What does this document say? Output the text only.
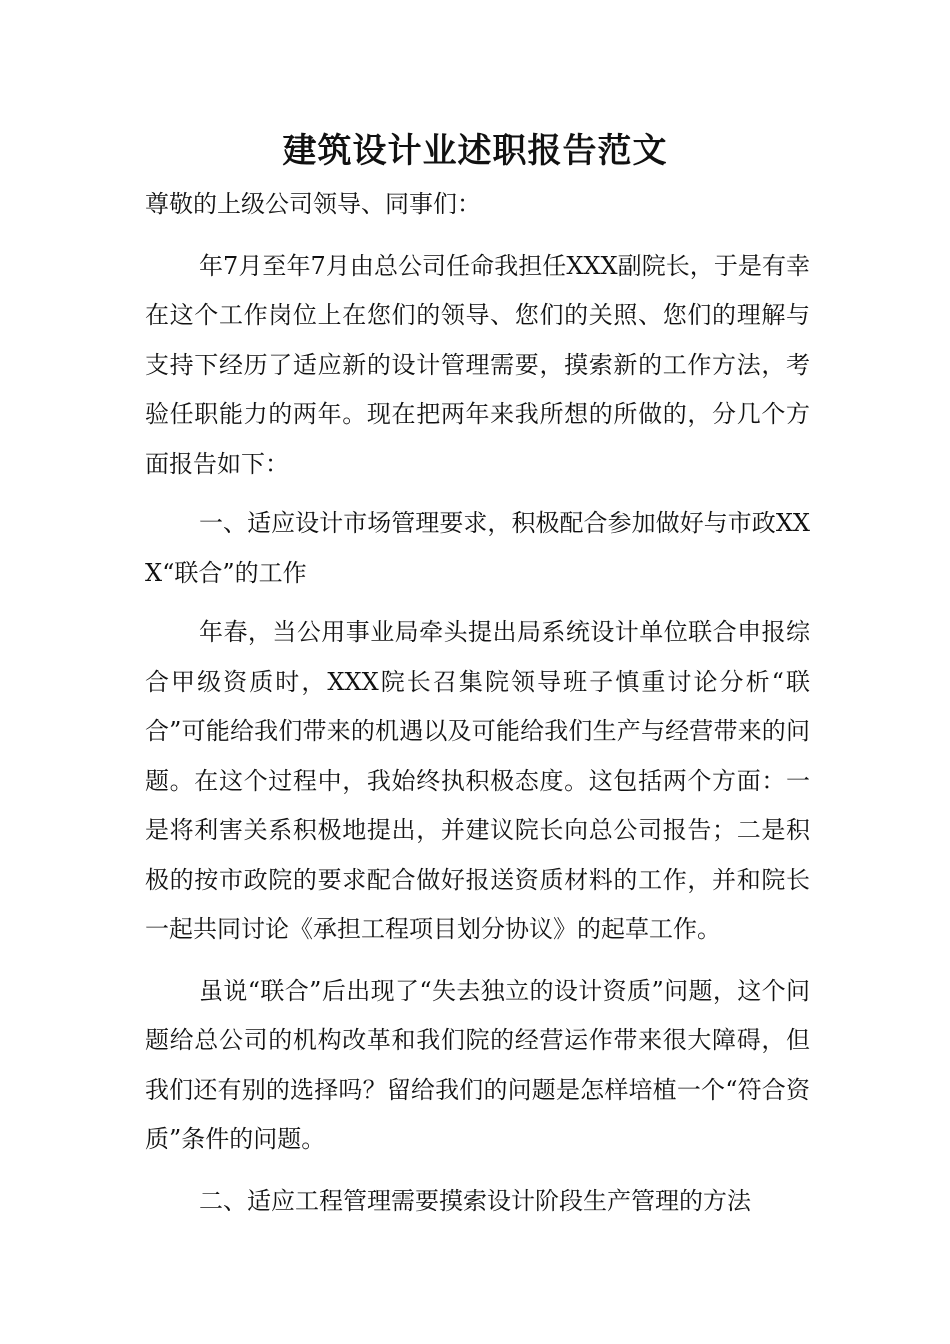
建筑设计业述职报告范文

尊敬的上级公司领导、同事们：

年7月至年7月由总公司任命我担任XXX副院长，于是有幸在这个工作岗位上在您们的领导、您们的关照、您们的理解与支持下经历了适应新的设计管理需要，摸索新的工作方法，考验任职能力的两年。现在把两年来我所想的所做的，分几个方面报告如下：

一、适应设计市场管理要求，积极配合参加做好与市政XXX“联合”的工作

年春，当公用事业局牵头提出局系统设计单位联合申报综合甲级资质时，XXX院长召集院领导班子慎重讨论分析“联合”可能给我们带来的机遇以及可能给我们生产与经营带来的问题。在这个过程中，我始终执积极态度。这包括两个方面：一是将利害关系积极地提出，并建议院长向总公司报告；二是积极的按市政院的要求配合做好报送资质材料的工作，并和院长一起共同讨论《承担工程项目划分协议》的起草工作。

虽说“联合”后出现了“失去独立的设计资质”问题，这个问题给总公司的机构改革和我们院的经营运作带来很大障碍，但我们还有别的选择吗？留给我们的问题是怎样培植一个“符合资质”条件的问题。

二、适应工程管理需要摸索设计阶段生产管理的方法
